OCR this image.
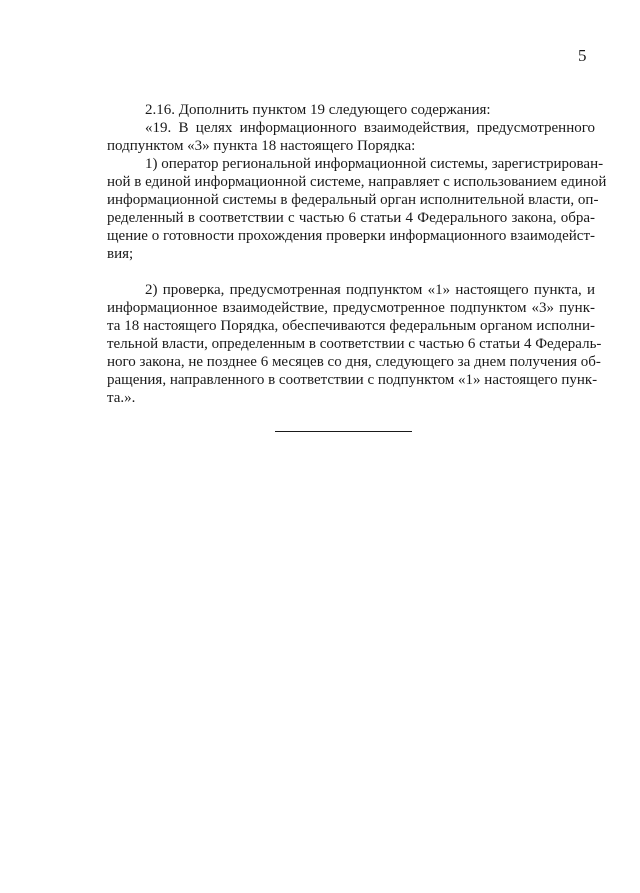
5
2.16. Дополнить пунктом 19 следующего содержания:
«19. В целях информационного взаимодействия, предусмотренного
подпунктом «3» пункта 18 настоящего Порядка:
1) оператор региональной информационной системы, зарегистрирован-
ной в единой информационной системе, направляет с использованием единой
информационной системы в федеральный орган исполнительной власти, оп-
ределенный в соответствии с частью 6 статьи 4 Федерального закона, обра-
щение о готовности прохождения проверки информационного взаимодейст-
вия;
2) проверка, предусмотренная подпунктом «1» настоящего пункта, и
информационное взаимодействие, предусмотренное подпунктом «3» пунк-
та 18 настоящего Порядка, обеспечиваются федеральным органом исполни-
тельной власти, определенным в соответствии с частью 6 статьи 4 Федераль-
ного закона, не позднее 6 месяцев со дня, следующего за днем получения об-
ращения, направленного в соответствии с подпунктом «1» настоящего пунк-
та.».
